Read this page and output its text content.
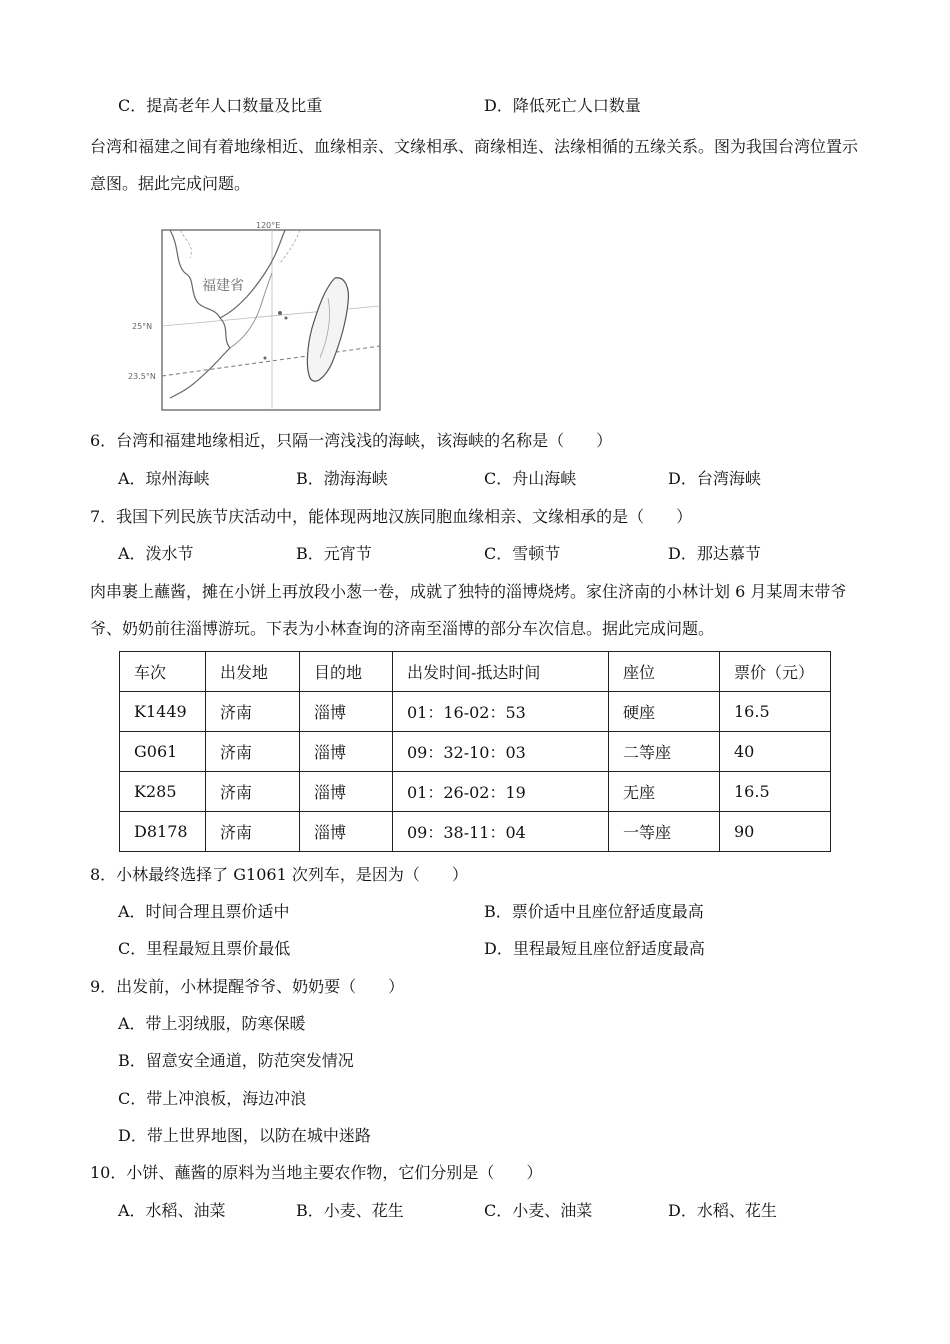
C．提高老年人口数量及比重	D．降低死亡人口数量
台湾和福建之间有着地缘相近、血缘相亲、文缘相承、商缘相连、法缘相循的五缘关系。图为我国台湾位置示意图。据此完成问题。
福建省
120°E
25°N
23.5°N
6．台湾和福建地缘相近，只隔一湾浅浅的海峡，该海峡的名称是（　　）
A．琼州海峡	B．渤海海峡	C．舟山海峡	D．台湾海峡
7．我国下列民族节庆活动中，能体现两地汉族同胞血缘相亲、文缘相承的是（　　）
A．泼水节	B．元宵节	C．雪顿节	D．那达慕节
肉串裹上蘸酱，摊在小饼上再放段小葱一卷，成就了独特的淄博烧烤。家住济南的小林计划 6 月某周末带爷爷、奶奶前往淄博游玩。下表为小林查询的济南至淄博的部分车次信息。据此完成问题。
车次	出发地	目的地	出发时间-抵达时间	座位	票价（元）
K1449	济南	淄博	01：16-02：53	硬座	16.5
G061	济南	淄博	09：32-10：03	二等座	40
K285	济南	淄博	01：26-02：19	无座	16.5
D8178	济南	淄博	09：38-11：04	一等座	90
8．小林最终选择了 G1061 次列车，是因为（　　）
A．时间合理且票价适中	B．票价适中且座位舒适度最高
C．里程最短且票价最低	D．里程最短且座位舒适度最高
9．出发前，小林提醒爷爷、奶奶要（　　）
A．带上羽绒服，防寒保暖
B．留意安全通道，防范突发情况
C．带上冲浪板，海边冲浪
D．带上世界地图，以防在城中迷路
10．小饼、蘸酱的原料为当地主要农作物，它们分别是（　　）
A．水稻、油菜	B．小麦、花生	C．小麦、油菜	D．水稻、花生
